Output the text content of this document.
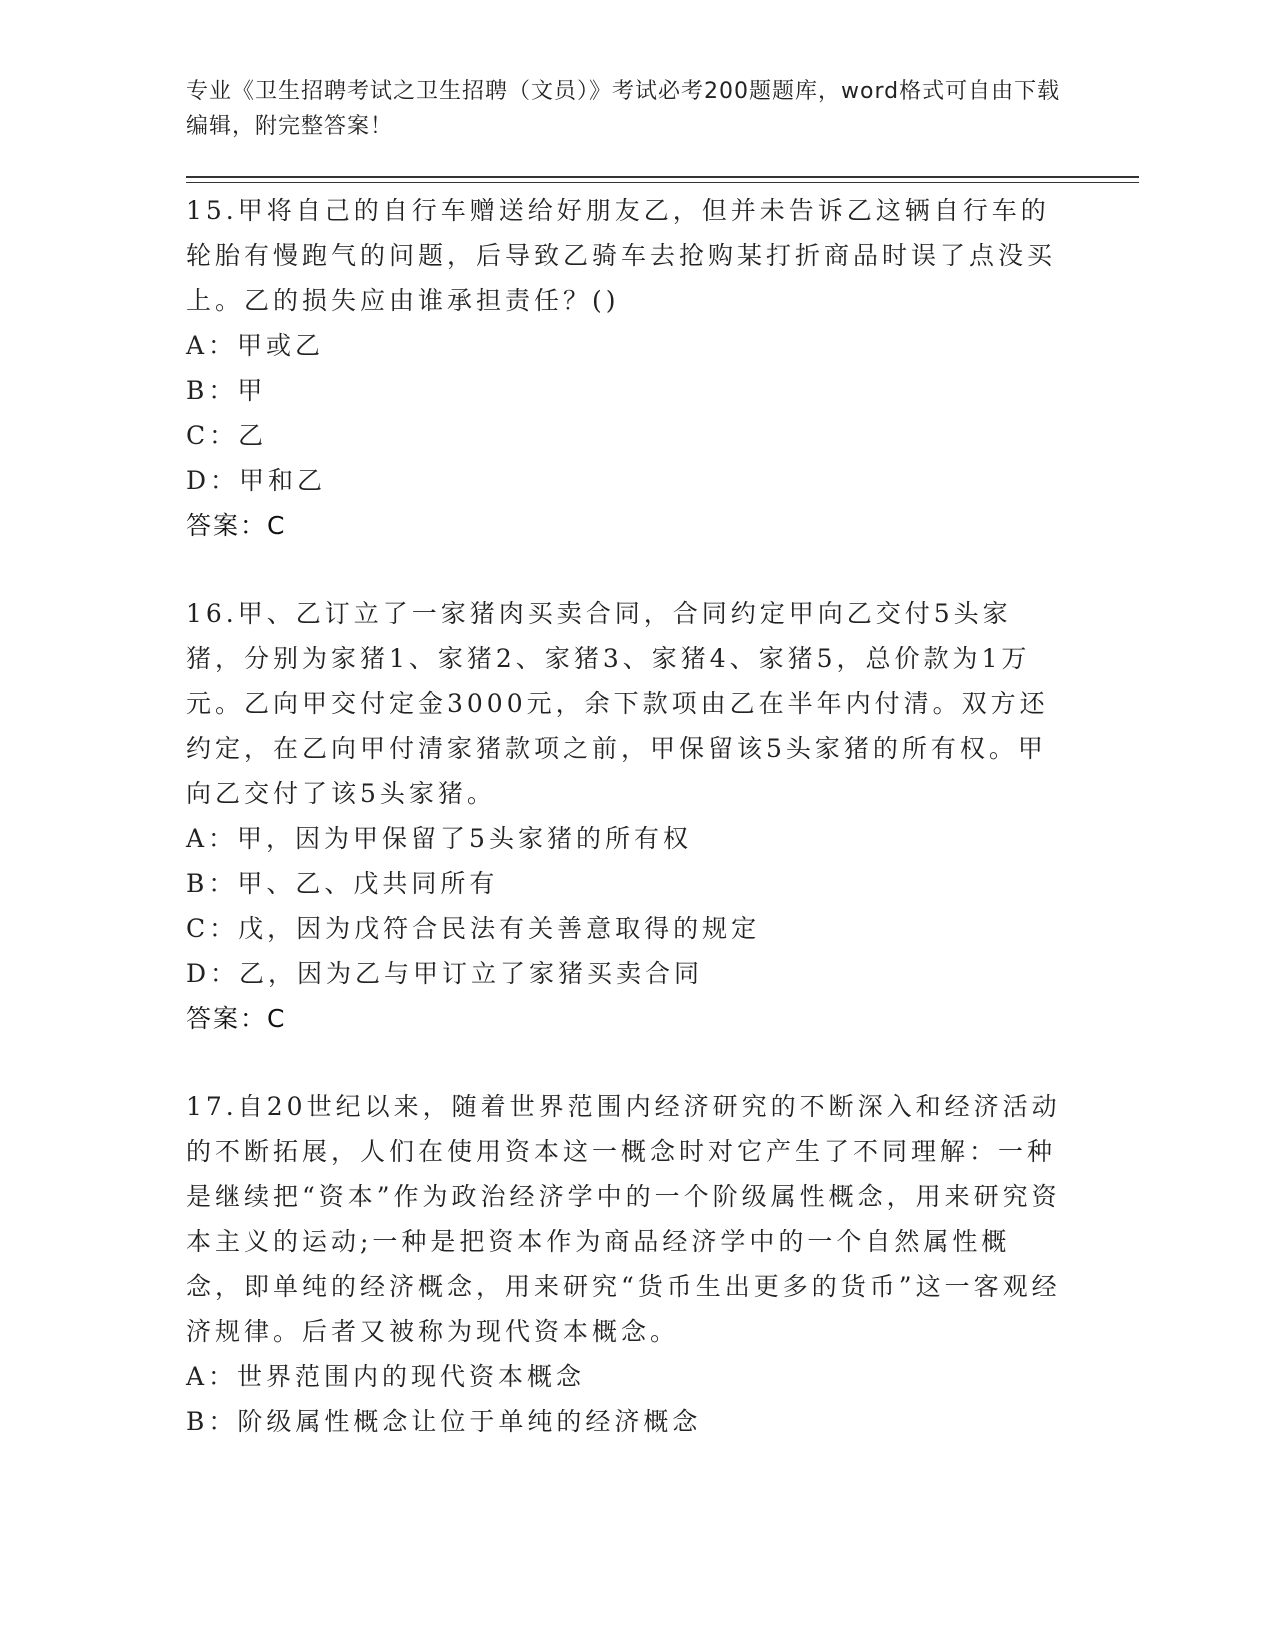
专业《卫生招聘考试之卫生招聘（文员）》考试必考200题题库，word格式可自由下载编辑，附完整答案！

15.甲将自己的自行车赠送给好朋友乙，但并未告诉乙这辆自行车的轮胎有慢跑气的问题，后导致乙骑车去抢购某打折商品时误了点没买上。乙的损失应由谁承担责任？()

A：甲或乙

B：甲

C：乙

D：甲和乙

答案：C

16.甲、乙订立了一家猪肉买卖合同，合同约定甲向乙交付5头家猪，分别为家猪1、家猪2、家猪3、家猪4、家猪5，总价款为1万元。乙向甲交付定金3000元，余下款项由乙在半年内付清。双方还约定，在乙向甲付清家猪款项之前，甲保留该5头家猪的所有权。甲向乙交付了该5头家猪。

A：甲，因为甲保留了5头家猪的所有权

B：甲、乙、戊共同所有

C：戊，因为戊符合民法有关善意取得的规定

D：乙，因为乙与甲订立了家猪买卖合同

答案：C

17.自20世纪以来，随着世界范围内经济研究的不断深入和经济活动的不断拓展，人们在使用资本这一概念时对它产生了不同理解：一种是继续把“资本”作为政治经济学中的一个阶级属性概念，用来研究资本主义的运动;一种是把资本作为商品经济学中的一个自然属性概念，即单纯的经济概念，用来研究“货币生出更多的货币”这一客观经济规律。后者又被称为现代资本概念。

A：世界范围内的现代资本概念

B：阶级属性概念让位于单纯的经济概念
